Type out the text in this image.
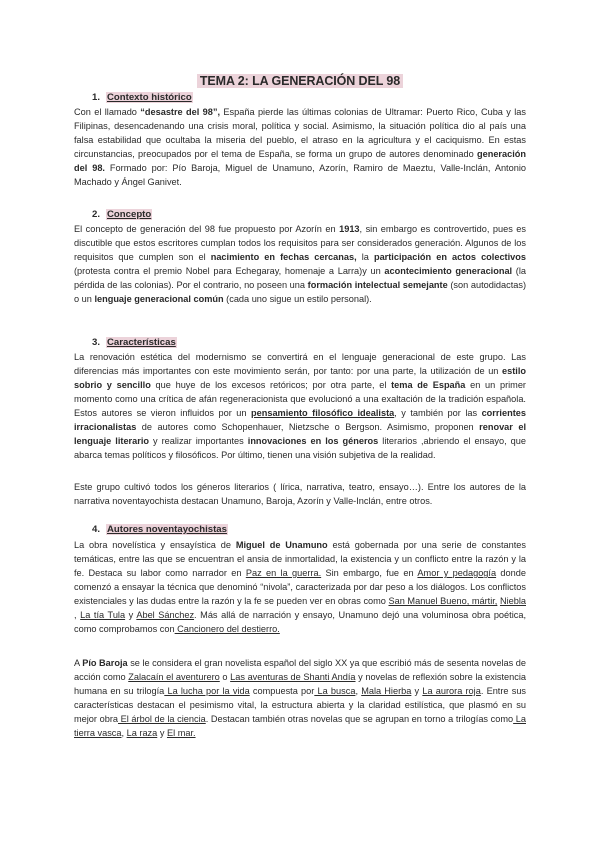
TEMA 2: LA GENERACIÓN DEL 98
1. Contexto histórico

Con el llamado “desastre del 98”, España pierde las últimas colonias de Ultramar: Puerto Rico, Cuba y las Filipinas, desencadenando una crisis moral, política y social. Asimismo, la situación política dio al país una falsa estabilidad que ocultaba la miseria del pueblo, el atraso en la agricultura y el caciquismo. En estas circunstancias, preocupados por el tema de España, se forma un grupo de autores denominado generación del 98. Formado por: Pío Baroja, Miguel de Unamuno, Azorín, Ramiro de Maeztu, Valle-Inclán, Antonio Machado y Ángel Ganivet.

2. Concepto

El concepto de generación del 98 fue propuesto por Azorín en 1913, sin embargo es controvertido, pues es discutible que estos escritores cumplan todos los requisitos para ser considerados generación. Algunos de los requisitos que cumplen son el nacimiento en fechas cercanas, la participación en actos colectivos (protesta contra el premio Nobel para Echegaray, homenaje a Larra)y un acontecimiento generacional (la pérdida de las colonias). Por el contrario, no poseen una formación intelectual semejante (son autodidactas) o un lenguaje generacional común (cada uno sigue un estilo personal).

3. Características

La renovación estética del modernismo se convertirá en el lenguaje generacional de este grupo. Las diferencias más importantes con este movimiento serán, por tanto: por una parte, la utilización de un estilo sobrio y sencillo que huye de los excesos retóricos; por otra parte, el tema de España en un primer momento como una crítica de afán regeneracionista que evolucionó a una exaltación de la tradición española. Estos autores se vieron influidos por un pensamiento filosófico idealista, y también por las corrientes irracionalistas de autores como Schopenhauer, Nietzsche o Bergson. Asimismo, proponen renovar el lenguaje literario y realizar importantes innovaciones en los géneros literarios ,abriendo el ensayo, que abarca temas políticos y filosóficos. Por último, tienen una visión subjetiva de la realidad.

Este grupo cultivó todos los géneros literarios ( lírica, narrativa, teatro, ensayo…). Entre los autores de la narrativa noventayochista destacan Unamuno, Baroja, Azorín y Valle-Inclán, entre otros.

4. Autores noventayochistas

La obra novelística y ensayística de Miguel de Unamuno está gobernada por una serie de constantes temáticas, entre las que se encuentran el ansia de inmortalidad, la existencia y un conflicto entre la razón y la fe. Destaca su labor como narrador en Paz en la guerra. Sin embargo, fue en Amor y pedagogía donde comenzó a ensayar la técnica que denominó “nivola”, caracterizada por dar peso a los diálogos. Los conflictos existenciales y las dudas entre la razón y la fe se pueden ver en obras como San Manuel Bueno, mártir, Niebla , La tía Tula y Abel Sánchez. Más allá de narración y ensayo, Unamuno dejó una voluminosa obra poética, como comprobamos con Cancionero del destierro.

A Pío Baroja se le considera el gran novelista español del siglo XX ya que escribió más de sesenta novelas de acción como Zalacaín el aventurero o Las aventuras de Shanti Andía y novelas de reflexión sobre la existencia humana en su trilogía La lucha por la vida compuesta por La busca, Mala Hierba y La aurora roja. Entre sus características destacan el pesimismo vital, la estructura abierta y la claridad estilística, que plasmó en su mejor obra El árbol de la ciencia. Destacan también otras novelas que se agrupan en torno a trilogías como La tierra vasca, La raza y El mar.
